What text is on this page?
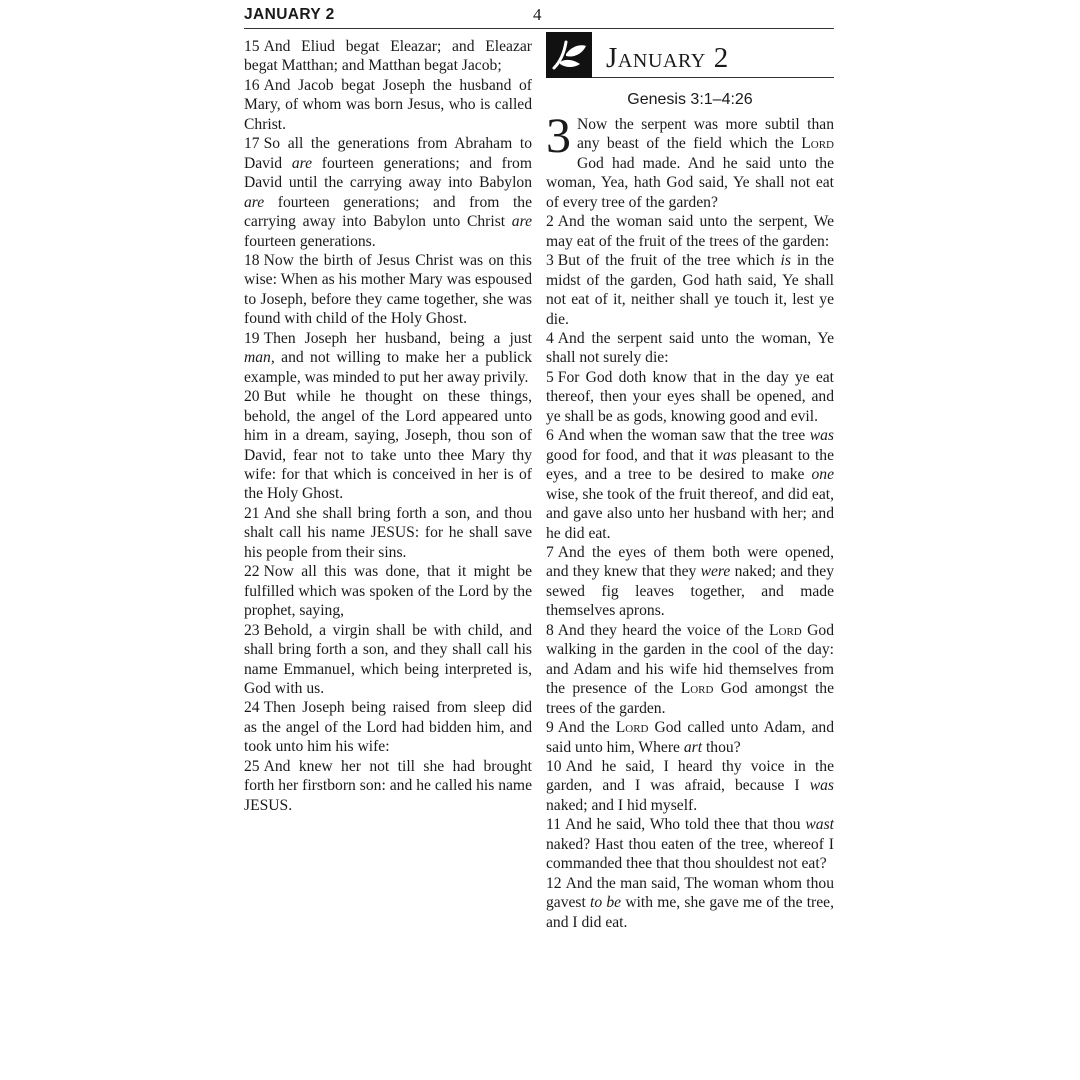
JANUARY 2	4

15 And Eliud begat Eleazar; and Eleazar begat Matthan; and Matthan begat Jacob;

16 And Jacob begat Joseph the husband of Mary, of whom was born Jesus, who is called Christ.

17 So all the generations from Abraham to David are fourteen generations; and from David until the carrying away into Babylon are fourteen generations; and from the carrying away into Babylon unto Christ are fourteen generations.

18 Now the birth of Jesus Christ was on this wise: When as his mother Mary was espoused to Joseph, before they came together, she was found with child of the Holy Ghost.

19 Then Joseph her husband, being a just man, and not willing to make her a publick example, was minded to put her away privily.

20 But while he thought on these things, behold, the angel of the Lord appeared unto him in a dream, saying, Joseph, thou son of David, fear not to take unto thee Mary thy wife: for that which is conceived in her is of the Holy Ghost.

21 And she shall bring forth a son, and thou shalt call his name JESUS: for he shall save his people from their sins.

22 Now all this was done, that it might be fulfilled which was spoken of the Lord by the prophet, saying,

23 Behold, a virgin shall be with child, and shall bring forth a son, and they shall call his name Emmanuel, which being interpreted is, God with us.

24 Then Joseph being raised from sleep did as the angel of the Lord had bidden him, and took unto him his wife:

25 And knew her not till she had brought forth her firstborn son: and he called his name JESUS.

January 2
Genesis 3:1–4:26

3 Now the serpent was more subtil than any beast of the field which the Lord God had made. And he said unto the woman, Yea, hath God said, Ye shall not eat of every tree of the garden?

2 And the woman said unto the serpent, We may eat of the fruit of the trees of the garden:

3 But of the fruit of the tree which is in the midst of the garden, God hath said, Ye shall not eat of it, neither shall ye touch it, lest ye die.

4 And the serpent said unto the woman, Ye shall not surely die:

5 For God doth know that in the day ye eat thereof, then your eyes shall be opened, and ye shall be as gods, knowing good and evil.

6 And when the woman saw that the tree was good for food, and that it was pleasant to the eyes, and a tree to be desired to make one wise, she took of the fruit thereof, and did eat, and gave also unto her husband with her; and he did eat.

7 And the eyes of them both were opened, and they knew that they were naked; and they sewed fig leaves together, and made themselves aprons.

8 And they heard the voice of the Lord God walking in the garden in the cool of the day: and Adam and his wife hid themselves from the presence of the Lord God amongst the trees of the garden.

9 And the Lord God called unto Adam, and said unto him, Where art thou?

10 And he said, I heard thy voice in the garden, and I was afraid, because I was naked; and I hid myself.

11 And he said, Who told thee that thou wast naked? Hast thou eaten of the tree, whereof I commanded thee that thou shouldest not eat?

12 And the man said, The woman whom thou gavest to be with me, she gave me of the tree, and I did eat.
